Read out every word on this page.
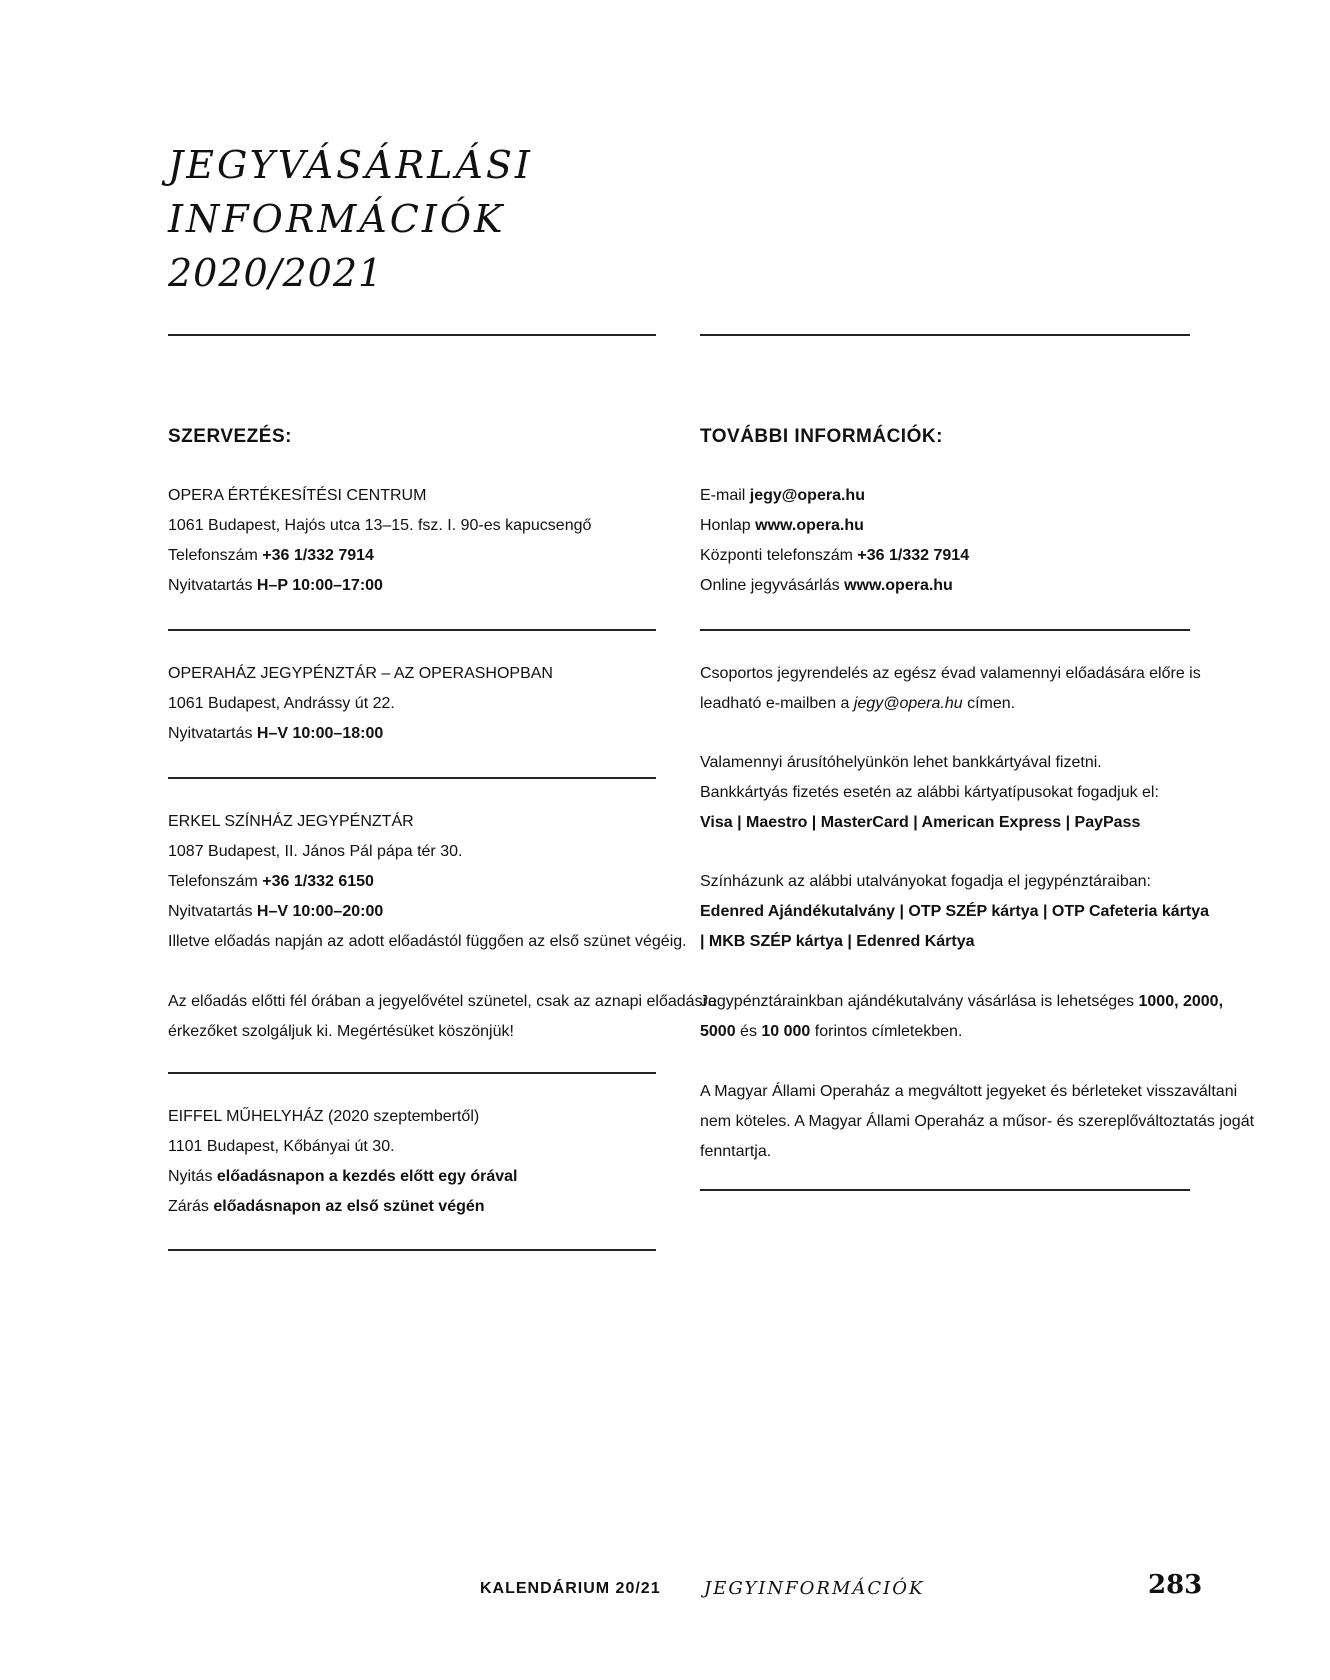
JEGYVÁSÁRLÁSI
INFORMÁCIÓK
2020/2021
SZERVEZÉS:
OPERA ÉRTÉKESÍTÉSI CENTRUM
1061 Budapest, Hajós utca 13–15. fsz. I. 90-es kapucsengő
Telefonszám +36 1/332 7914
Nyitvatartás H–P 10:00–17:00
OPERAHÁZ JEGYPÉNZTÁR – AZ OPERASHOPBAN
1061 Budapest, Andrássy út 22.
Nyitvatartás H–V 10:00–18:00
ERKEL SZÍNHÁZ JEGYPÉNZTÁR
1087 Budapest, II. János Pál pápa tér 30.
Telefonszám +36 1/332 6150
Nyitvatartás H–V 10:00–20:00
Illetve előadás napján az adott előadástól függően az első szünet végéig.
Az előadás előtti fél órában a jegyelővétel szünetel, csak az aznapi előadásra
érkezőket szolgáljuk ki. Megértésüket köszönjük!
EIFFEL MŰHELYHÁZ (2020 szeptembertől)
1101 Budapest, Kőbányai út 30.
Nyitás előadásnapon a kezdés előtt egy órával
Zárás előadásnapon az első szünet végén
TOVÁBBI INFORMÁCIÓK:
E-mail jegy@opera.hu
Honlap www.opera.hu
Központi telefonszám +36 1/332 7914
Online jegyvásárlás www.opera.hu
Csoportos jegyrendelés az egész évad valamennyi előadására előre is
leadható e-mailben a jegy@opera.hu címen.
Valamennyi árusítóhelyünkön lehet bankkártyával fizetni.
Bankkártyás fizetés esetén az alábbi kártyatípusokat fogadjuk el:
Visa | Maestro | MasterCard | American Express | PayPass
Színházunk az alábbi utalványokat fogadja el jegypénztáraiban:
Edenred Ajándékutalvány | OTP SZÉP kártya | OTP Cafeteria kártya
| MKB SZÉP kártya | Edenred Kártya
Jegypénztárainkban ajándékutalvány vásárlása is lehetséges 1000, 2000,
5000 és 10 000 forintos címletekben.
A Magyar Állami Operaház a megváltott jegyeket és bérleteket visszaváltani
nem köteles. A Magyar Állami Operaház a műsor- és szereplőváltoztatás jogát
fenntartja.
KALENDÁRIUM 20/21 JEGYINFORMÁCIÓK	283
